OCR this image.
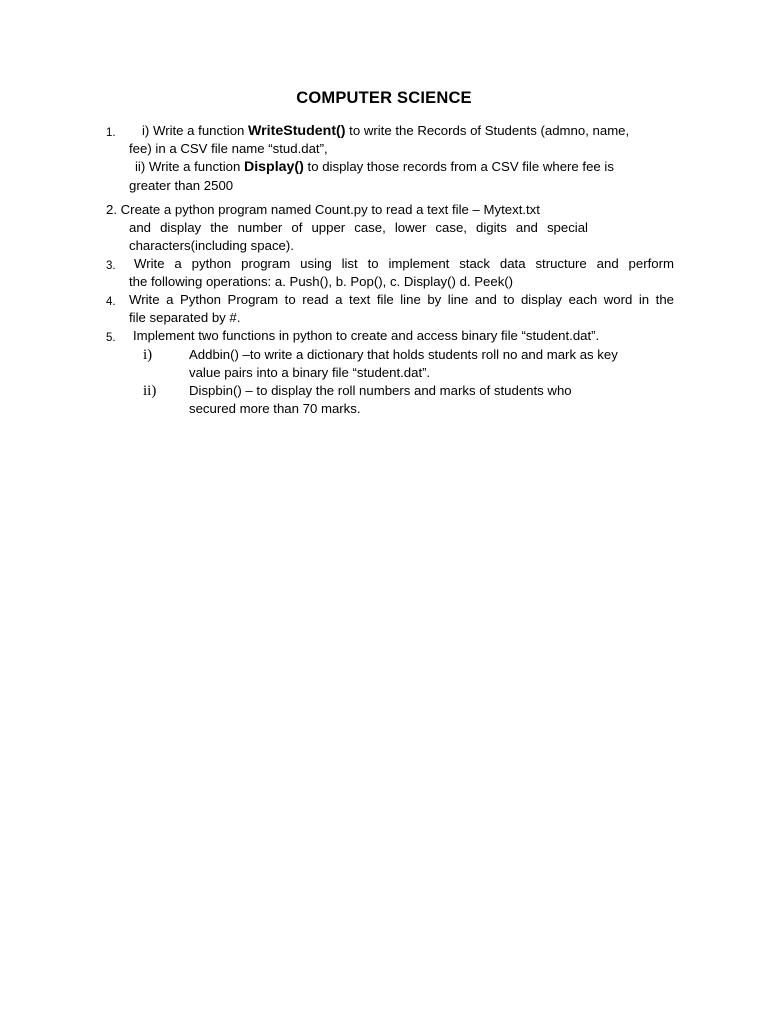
COMPUTER SCIENCE
1. i) Write a function WriteStudent() to write the Records of Students (admno, name,
fee) in a CSV file name “stud.dat”,
ii) Write a function Display() to display those records from a CSV file where fee is
greater than 2500
2. Create a python program named Count.py to read a text file – Mytext.txt
and display the number of upper case, lower case, digits and special
characters(including space).
3. Write a python program using list to implement stack data structure and perform
the following operations: a. Push(), b. Pop(), c. Display() d. Peek()
4. Write a Python Program to read a text file line by line and to display each word in the
file separated by #.
5. Implement two functions in python to create and access binary file “student.dat”.
i)	Addbin() –to write a dictionary that holds students roll no and mark as key
value pairs into a binary file “student.dat”.
ii) Dispbin() – to display the roll numbers and marks of students who
secured more than 70 marks.
